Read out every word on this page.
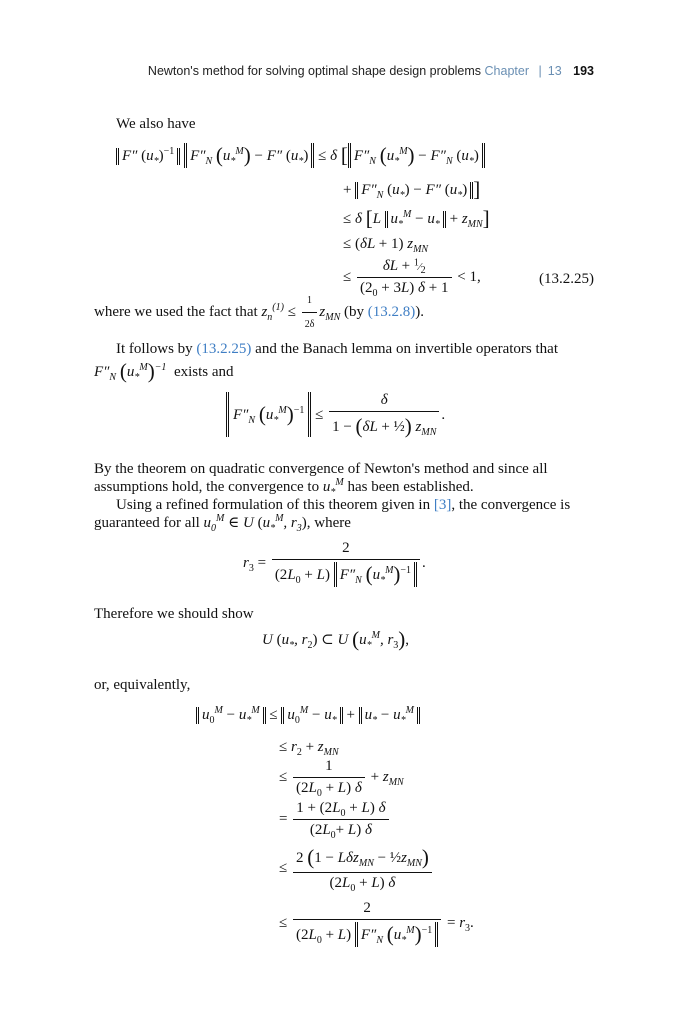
Newton's method for solving optimal shape design problems Chapter | 13 193
We also have
F″ $(u_*)^{-1}$ $F''_N$ $(u_*^M) - F''$ $(u_*) \le \delta$ [ $F''_N$ $(u_*^M) - F''_N$ $(u_*)$
+ $F''_N$ $(u_*) - F''$ $(u_*)$ ]
≤ δ [L $u_*^M - u_* + z_{MN}$]
≤ (δL + 1) $z_{MN}$
≤ $\frac{\delta L + ^1⁄_2}{(2_0 + 3L) \delta + 1} < 1$,	(13.2.25)
where we used the fact that $z_n^{(1)} \le \frac{1}{2\delta} z_{MN}$ (by (13.2.8)).
It follows by (13.2.25) and the Banach lemma on invertible operators that
$F''_N$ $(u_*^M)^{-1}$ exists and
$F''_N$ $(u_*^M)^{-1} \le \frac{\delta}{1 - (\delta L + \frac{1}{2}) z_{MN}}$ .
By the theorem on quadratic convergence of Newton's method and since all
assumptions hold, the convergence to $u_*^M$ has been established.
Using a refined formulation of this theorem given in [3], the convergence is
guaranteed for all $u_0^M$ ∈ U ($u_*^M$, $r_3$), where
$r_3 = \frac{2}{(2L_0 + L) F''_N (u_*^M)^{-1}}$ .
Therefore we should show
U ($u_*$, $r_2$) ⊂ U ($u_*^M$, $r_3$),
or, equivalently,
$u_0^M - u_*^M \le u_0^M - u_* + u_* - u_*^M$
≤ $r_2 + z_{MN}$
≤ $\frac{1}{(2L_0 + L) \delta} + z_{MN}$
= $\frac{1 + (2L_0 + L) \delta}{(2L_0+ L) \delta}$
≤ $\frac{2 (1 - L\delta z_{MN} - \frac{1}{2}z_{MN})}{(2L_0 + L) \delta}$
≤ $\frac{2}{(2L_0 + L) F''_N (u_*^M)^{-1}} = r_3$.
